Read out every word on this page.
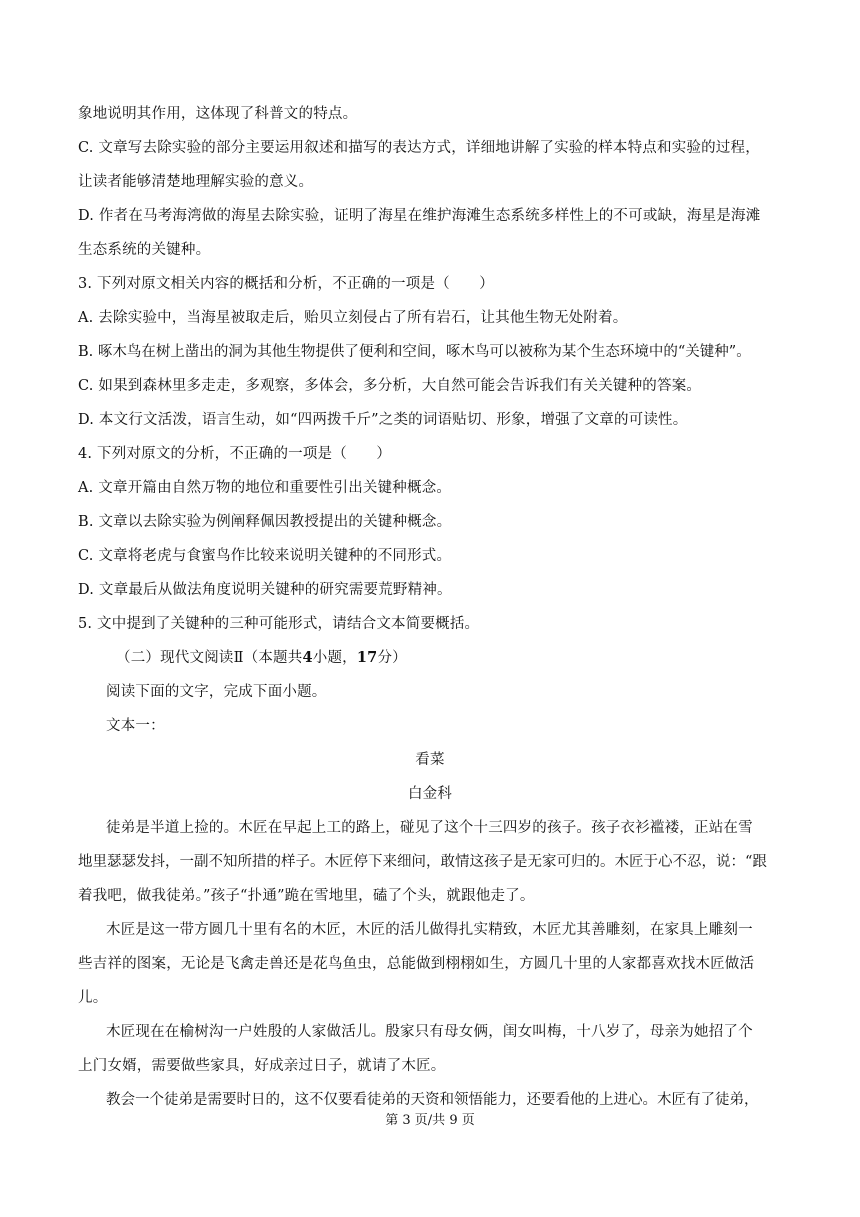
象地说明其作用，这体现了科普文的特点。
C. 文章写去除实验的部分主要运用叙述和描写的表达方式，详细地讲解了实验的样本特点和实验的过程，
让读者能够清楚地理解实验的意义。
D. 作者在马考海湾做的海星去除实验，证明了海星在维护海滩生态系统多样性上的不可或缺，海星是海滩
生态系统的关键种。
3. 下列对原文相关内容的概括和分析，不正确的一项是（　　）
A. 去除实验中，当海星被取走后，贻贝立刻侵占了所有岩石，让其他生物无处附着。
B. 啄木鸟在树上凿出的洞为其他生物提供了便利和空间，啄木鸟可以被称为某个生态环境中的“关键种”。
C. 如果到森林里多走走，多观察，多体会，多分析，大自然可能会告诉我们有关关键种的答案。
D. 本文行文活泼，语言生动，如“四两拨千斤”之类的词语贴切、形象，增强了文章的可读性。
4. 下列对原文的分析，不正确的一项是（　　）
A. 文章开篇由自然万物的地位和重要性引出关键种概念。
B. 文章以去除实验为例阐释佩因教授提出的关键种概念。
C. 文章将老虎与食蜜鸟作比较来说明关键种的不同形式。
D. 文章最后从做法角度说明关键种的研究需要荒野精神。
5. 文中提到了关键种的三种可能形式，请结合文本简要概括。
（二）现代文阅读Ⅱ（本题共4小题，17分）
阅读下面的文字，完成下面小题。
文本一：
看菜
白金科
徒弟是半道上捡的。木匠在早起上工的路上，碰见了这个十三四岁的孩子。孩子衣衫褴褛，正站在雪
地里瑟瑟发抖，一副不知所措的样子。木匠停下来细问，敢情这孩子是无家可归的。木匠于心不忍，说：“跟
着我吧，做我徒弟。”孩子“扑通”跪在雪地里，磕了个头，就跟他走了。
木匠是这一带方圆几十里有名的木匠，木匠的活儿做得扎实精致，木匠尤其善雕刻，在家具上雕刻一
些吉祥的图案，无论是飞禽走兽还是花鸟鱼虫，总能做到栩栩如生，方圆几十里的人家都喜欢找木匠做活
儿。
木匠现在在榆树沟一户姓殷的人家做活儿。殷家只有母女俩，闺女叫梅，十八岁了，母亲为她招了个
上门女婿，需要做些家具，好成亲过日子，就请了木匠。
教会一个徒弟是需要时日的，这不仅要看徒弟的天资和领悟能力，还要看他的上进心。木匠有了徒弟，
第 3 页/共 9 页
